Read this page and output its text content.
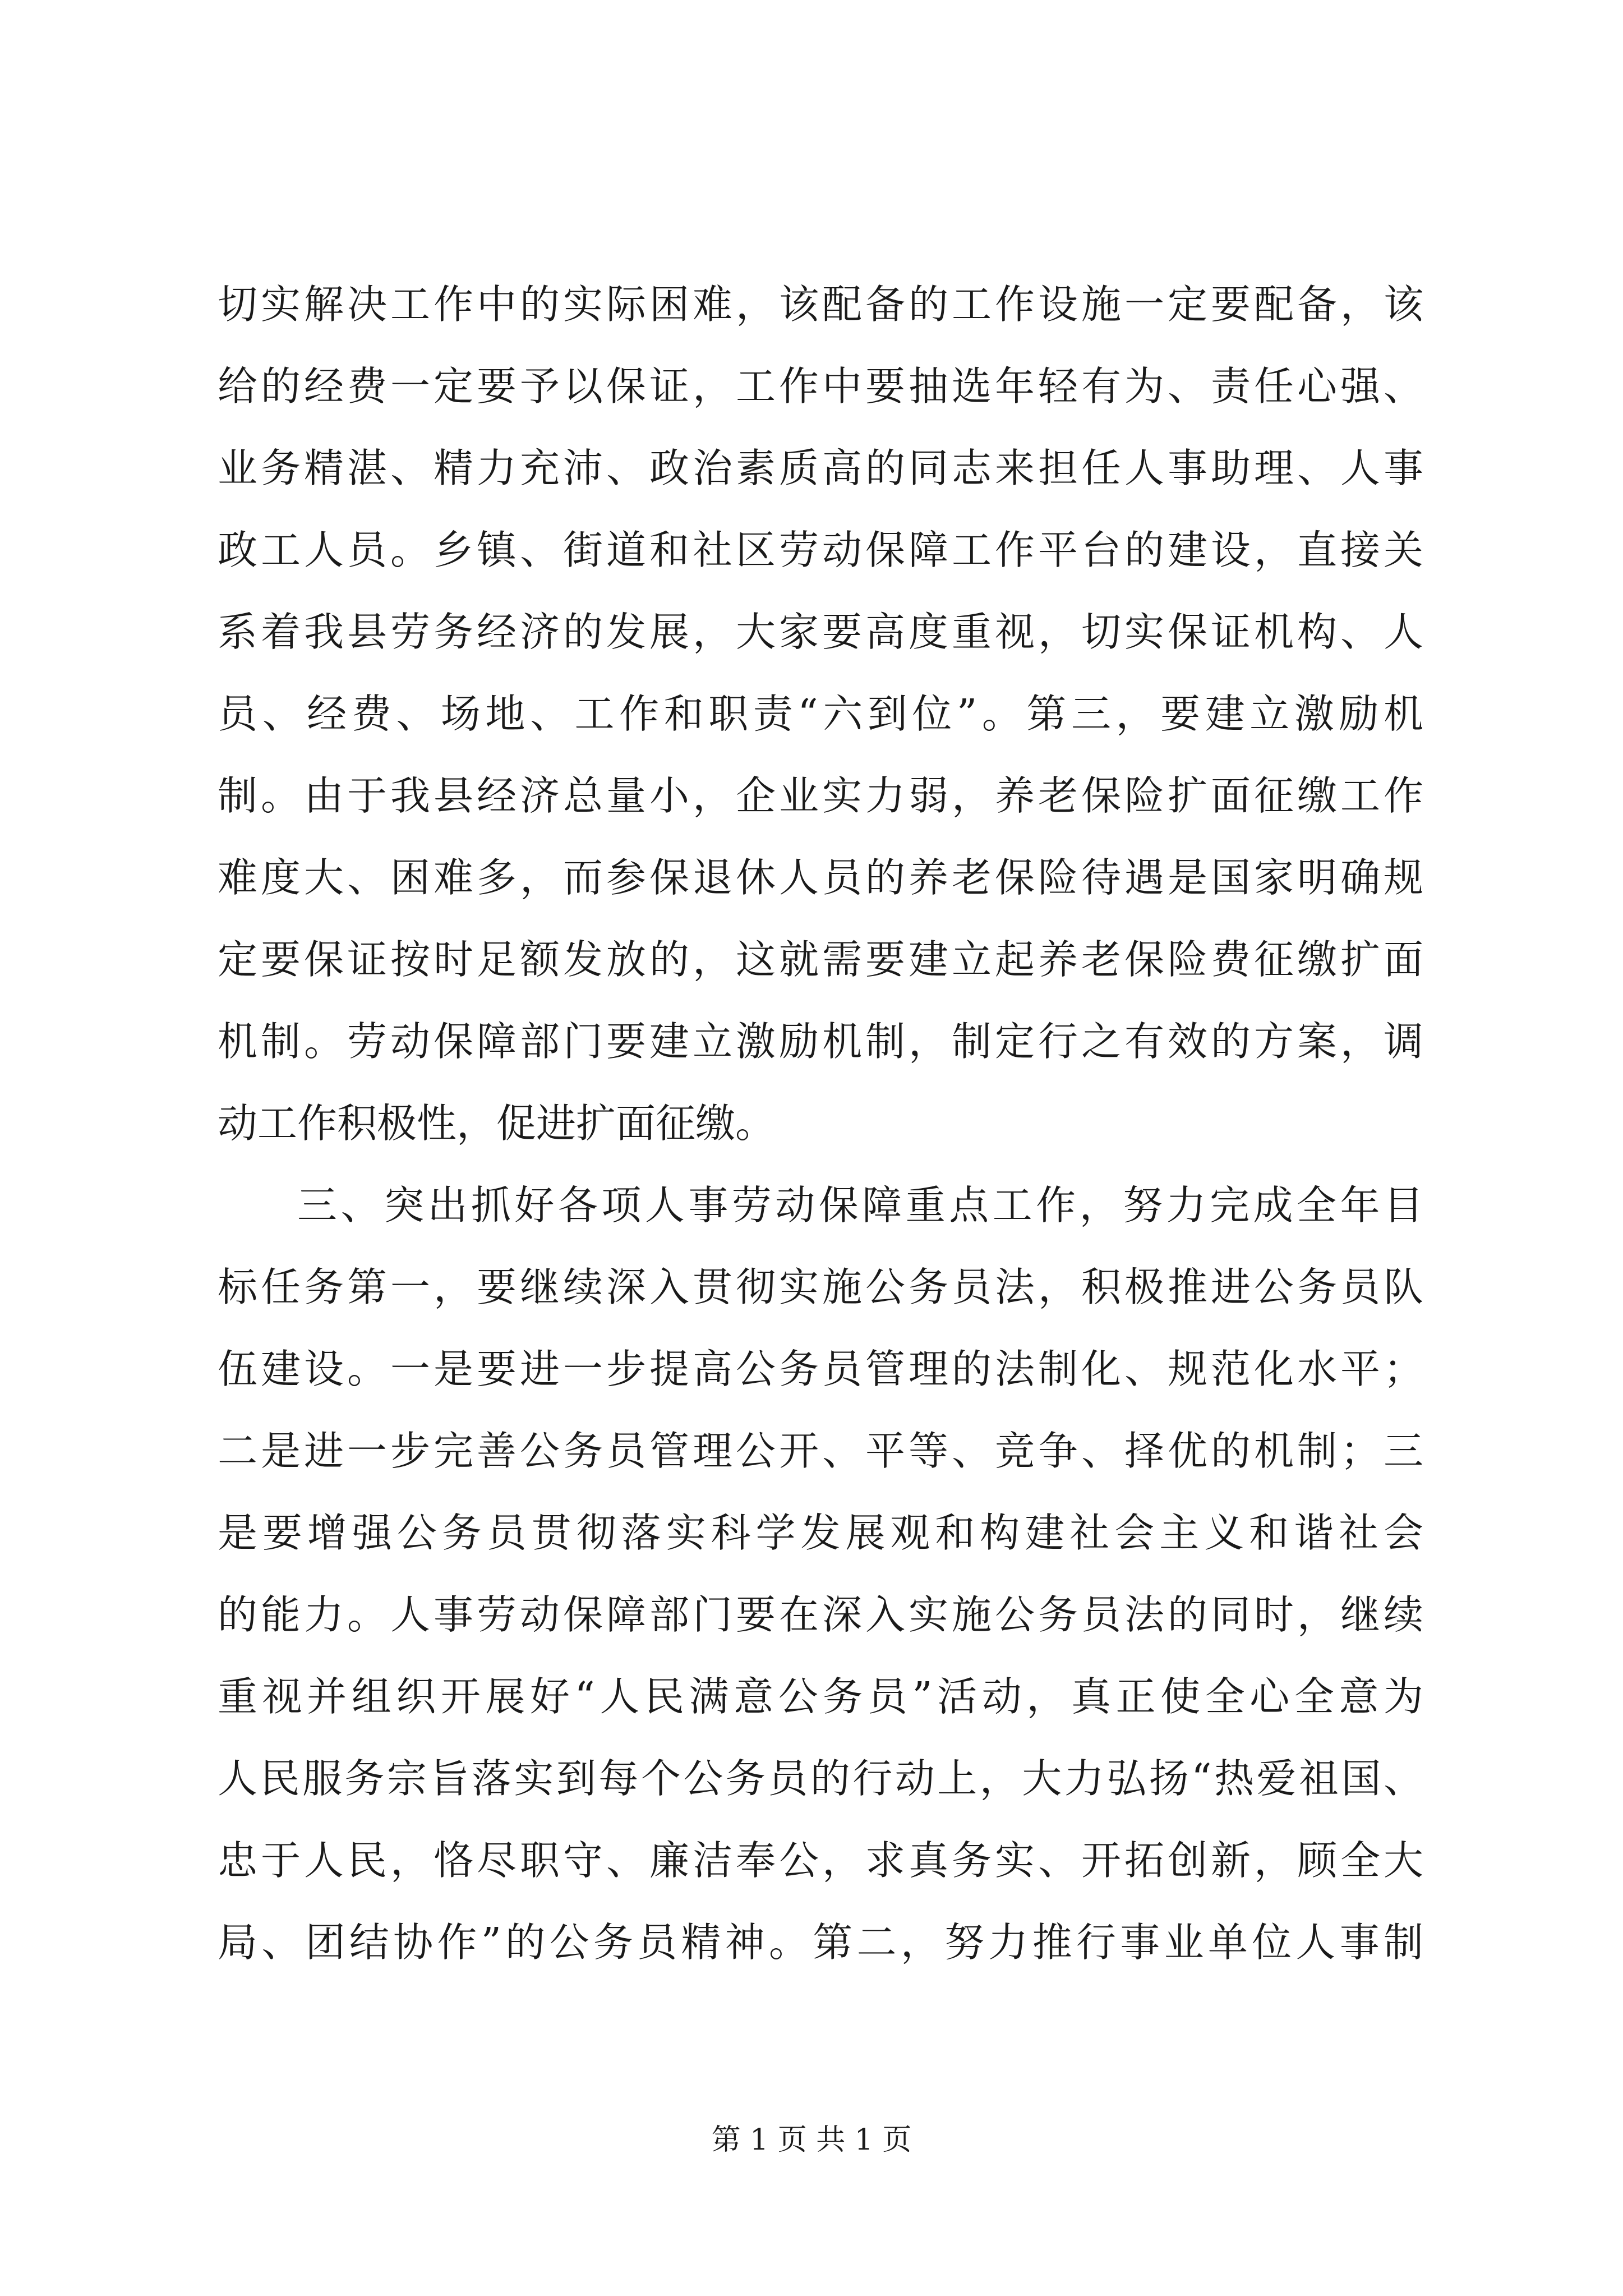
切实解决工作中的实际困难，该配备的工作设施一定要配备，该
给的经费一定要予以保证，工作中要抽选年轻有为、责任心强、
业务精湛、精力充沛、政治素质高的同志来担任人事助理、人事
政工人员。乡镇、街道和社区劳动保障工作平台的建设，直接关
系着我县劳务经济的发展，大家要高度重视，切实保证机构、人
员、经费、场地、工作和职责“六到位”。第三，要建立激励机
制。由于我县经济总量小，企业实力弱，养老保险扩面征缴工作
难度大、困难多，而参保退休人员的养老保险待遇是国家明确规
定要保证按时足额发放的，这就需要建立起养老保险费征缴扩面
机制。劳动保障部门要建立激励机制，制定行之有效的方案，调
动工作积极性，促进扩面征缴。
三、突出抓好各项人事劳动保障重点工作，努力完成全年目
标任务第一，要继续深入贯彻实施公务员法，积极推进公务员队
伍建设。一是要进一步提高公务员管理的法制化、规范化水平；
二是进一步完善公务员管理公开、平等、竞争、择优的机制；三
是要增强公务员贯彻落实科学发展观和构建社会主义和谐社会
的能力。人事劳动保障部门要在深入实施公务员法的同时，继续
重视并组织开展好“人民满意公务员”活动，真正使全心全意为
人民服务宗旨落实到每个公务员的行动上，大力弘扬“热爱祖国、
忠于人民，恪尽职守、廉洁奉公，求真务实、开拓创新，顾全大
局、团结协作”的公务员精神。第二，努力推行事业单位人事制
第 1 页 共 1 页
